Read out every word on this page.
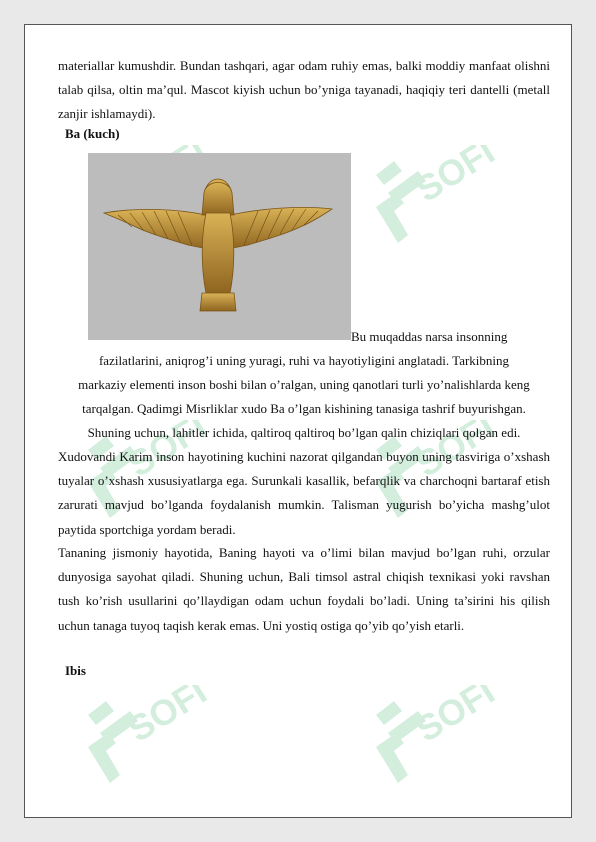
SOFI
SOFI	SOFI
SOFI	SOFI
materiallar kumushdir. Bundan tashqari, agar odam ruhiy emas, balki moddiy manfaat olishni talab qilsa, oltin ma’qul. Mascot kiyish uchun bo’yniga tayanadi, haqiqiy teri dantelli (metall zanjir ishlamaydi).
Ba (kuch)
Bu muqaddas narsa insonning
fazilatlarini, aniqrog’i uning yuragi, ruhi va hayotiyligini anglatadi. Tarkibning
markaziy elementi inson boshi bilan o’ralgan, uning qanotlari turli yo’nalishlarda keng
tarqalgan. Qadimgi Misrliklar xudo Ba o’lgan kishining tanasiga tashrif buyurishgan.
Shuning uchun, lahitler ichida, qaltiroq qaltiroq bo’lgan qalin chiziqlari qolgan edi.
Xudovandi Karim inson hayotining kuchini nazorat qilgandan buyon uning tasviriga o’xshash tuyalar o’xshash xususiyatlarga ega. Surunkali kasallik, befarqlik va charchoqni bartaraf etish zarurati mavjud bo’lganda foydalanish mumkin. Talisman yugurish bo’yicha mashg’ulot paytida sportchiga yordam beradi.
Tananing jismoniy hayotida, Baning hayoti va o’limi bilan mavjud bo’lgan ruhi, orzular dunyosiga sayohat qiladi. Shuning uchun, Bali timsol astral chiqish texnikasi yoki ravshan tush ko’rish usullarini qo’llaydigan odam uchun foydali bo’ladi. Uning ta’sirini his qilish uchun tanaga tuyoq taqish kerak emas. Uni yostiq ostiga qo’yib qo’yish etarli.
Ibis
